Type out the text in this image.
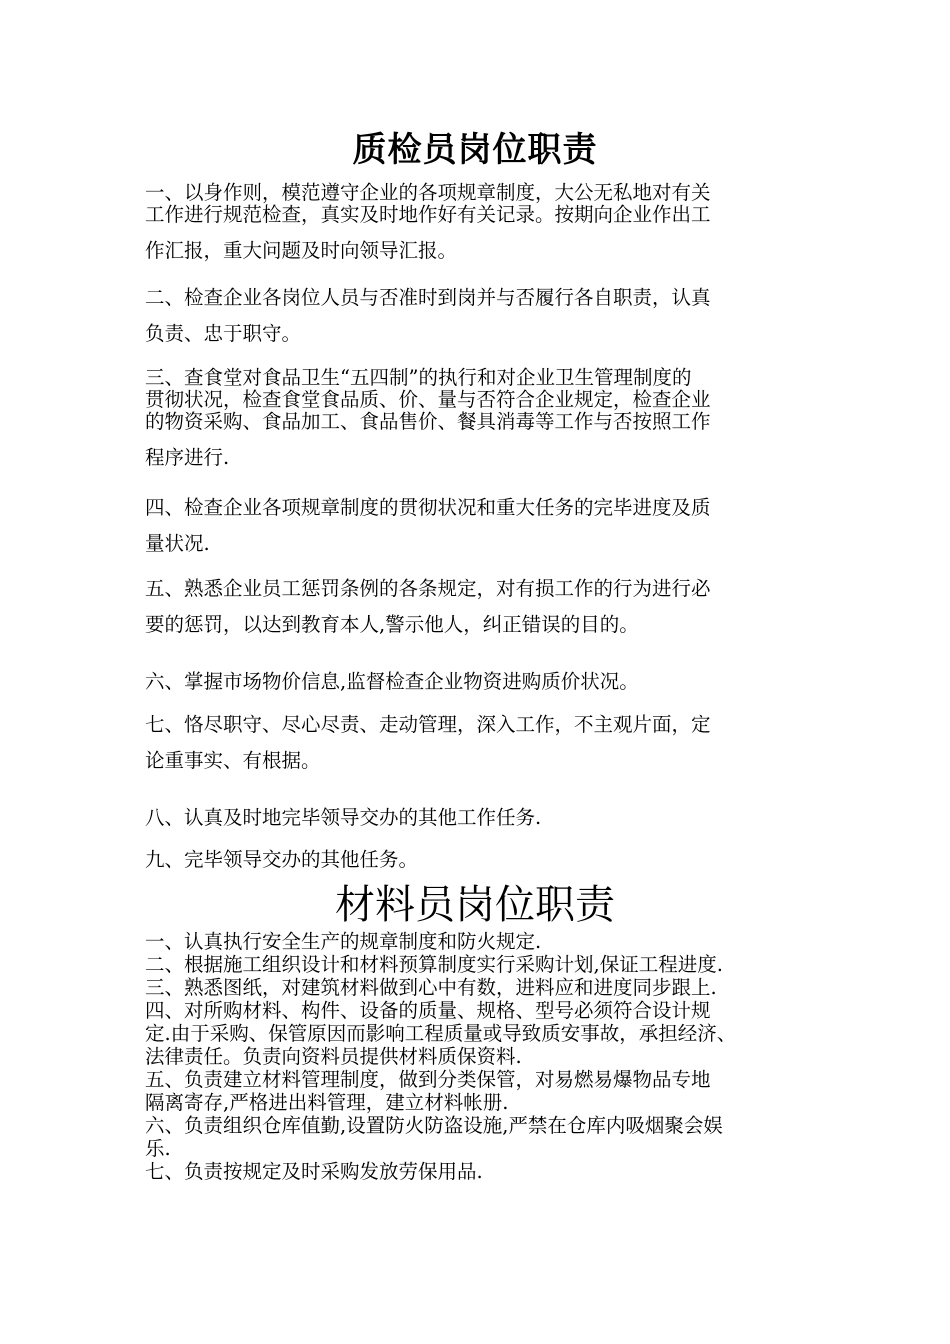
质检员岗位职责
一、以身作则，模范遵守企业的各项规章制度，大公无私地对有关
工作进行规范检查，真实及时地作好有关记录。按期向企业作出工
作汇报，重大问题及时向领导汇报。
二、检查企业各岗位人员与否准时到岗并与否履行各自职责，认真
负责、忠于职守。
三、查食堂对食品卫生“五四制”的执行和对企业卫生管理制度的
贯彻状况，检查食堂食品质、价、量与否符合企业规定，检查企业
的物资采购、食品加工、食品售价、餐具消毒等工作与否按照工作
程序进行.
四、检查企业各项规章制度的贯彻状况和重大任务的完毕进度及质
量状况.
五、熟悉企业员工惩罚条例的各条规定，对有损工作的行为进行必
要的惩罚，以达到教育本人,警示他人，纠正错误的目的。
六、掌握市场物价信息,监督检查企业物资进购质价状况。
七、恪尽职守、尽心尽责、走动管理，深入工作，不主观片面，定
论重事实、有根据。
八、认真及时地完毕领导交办的其他工作任务.
九、完毕领导交办的其他任务。
材料员岗位职责
一、认真执行安全生产的规章制度和防火规定.
二、根据施工组织设计和材料预算制度实行采购计划,保证工程进度.
三、熟悉图纸，对建筑材料做到心中有数，进料应和进度同步跟上.
四、对所购材料、构件、设备的质量、规格、型号必须符合设计规
定.由于采购、保管原因而影响工程质量或导致质安事故，承担经济、
法律责任。负责向资料员提供材料质保资料.
五、负责建立材料管理制度，做到分类保管，对易燃易爆物品专地
隔离寄存,严格进出料管理，建立材料帐册.
六、负责组织仓库值勤,设置防火防盗设施,严禁在仓库内吸烟聚会娱
乐.
七、负责按规定及时采购发放劳保用品.
